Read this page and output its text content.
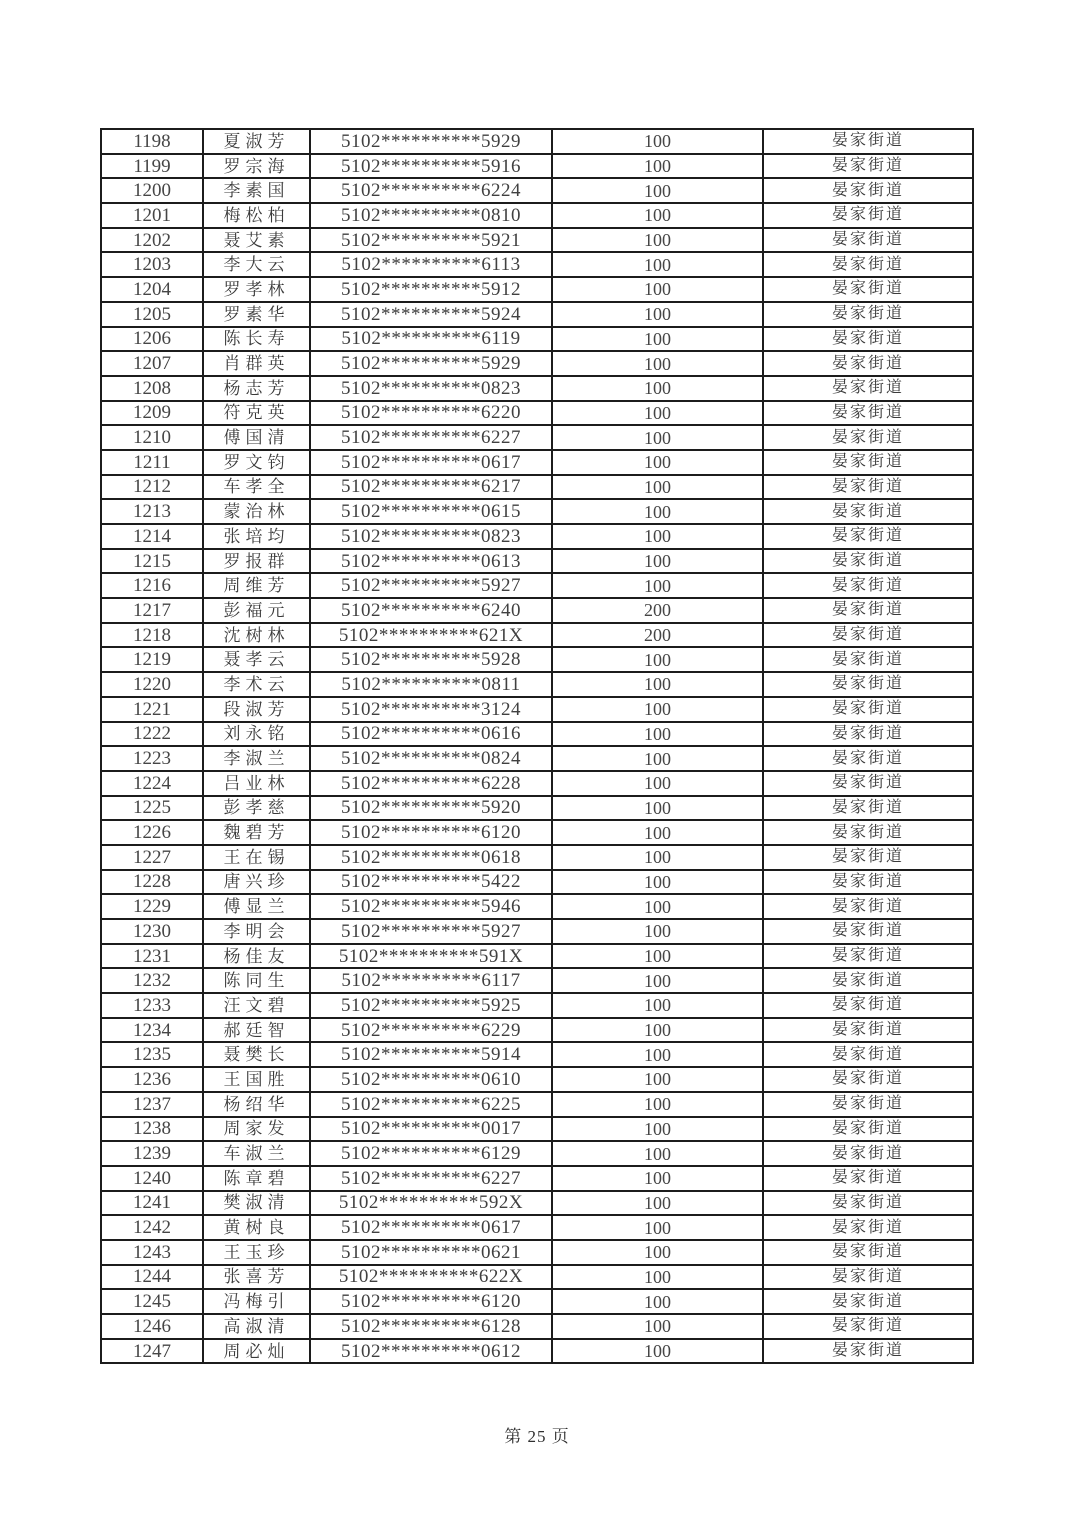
1198	夏淑芳	5102**********5929	100	晏家街道
1199	罗宗海	5102**********5916	100	晏家街道
1200	李素国	5102**********6224	100	晏家街道
1201	梅松柏	5102**********0810	100	晏家街道
1202	聂艾素	5102**********5921	100	晏家街道
1203	李大云	5102**********6113	100	晏家街道
1204	罗孝林	5102**********5912	100	晏家街道
1205	罗素华	5102**********5924	100	晏家街道
1206	陈长寿	5102**********6119	100	晏家街道
1207	肖群英	5102**********5929	100	晏家街道
1208	杨志芳	5102**********0823	100	晏家街道
1209	符克英	5102**********6220	100	晏家街道
1210	傅国清	5102**********6227	100	晏家街道
1211	罗文钧	5102**********0617	100	晏家街道
1212	车孝全	5102**********6217	100	晏家街道
1213	蒙治林	5102**********0615	100	晏家街道
1214	张培均	5102**********0823	100	晏家街道
1215	罗报群	5102**********0613	100	晏家街道
1216	周维芳	5102**********5927	100	晏家街道
1217	彭福元	5102**********6240	200	晏家街道
1218	沈树林	5102**********621X	200	晏家街道
1219	聂孝云	5102**********5928	100	晏家街道
1220	李术云	5102**********0811	100	晏家街道
1221	段淑芳	5102**********3124	100	晏家街道
1222	刘永铭	5102**********0616	100	晏家街道
1223	李淑兰	5102**********0824	100	晏家街道
1224	吕业林	5102**********6228	100	晏家街道
1225	彭孝慈	5102**********5920	100	晏家街道
1226	魏碧芳	5102**********6120	100	晏家街道
1227	王在锡	5102**********0618	100	晏家街道
1228	唐兴珍	5102**********5422	100	晏家街道
1229	傅显兰	5102**********5946	100	晏家街道
1230	李明会	5102**********5927	100	晏家街道
1231	杨佳友	5102**********591X	100	晏家街道
1232	陈同生	5102**********6117	100	晏家街道
1233	汪文碧	5102**********5925	100	晏家街道
1234	郝廷智	5102**********6229	100	晏家街道
1235	聂樊长	5102**********5914	100	晏家街道
1236	王国胜	5102**********0610	100	晏家街道
1237	杨绍华	5102**********6225	100	晏家街道
1238	周家发	5102**********0017	100	晏家街道
1239	车淑兰	5102**********6129	100	晏家街道
1240	陈章碧	5102**********6227	100	晏家街道
1241	樊淑清	5102**********592X	100	晏家街道
1242	黄树良	5102**********0617	100	晏家街道
1243	王玉珍	5102**********0621	100	晏家街道
1244	张喜芳	5102**********622X	100	晏家街道
1245	冯梅引	5102**********6120	100	晏家街道
1246	高淑清	5102**********6128	100	晏家街道
1247	周必灿	5102**********0612	100	晏家街道
第 25 页
